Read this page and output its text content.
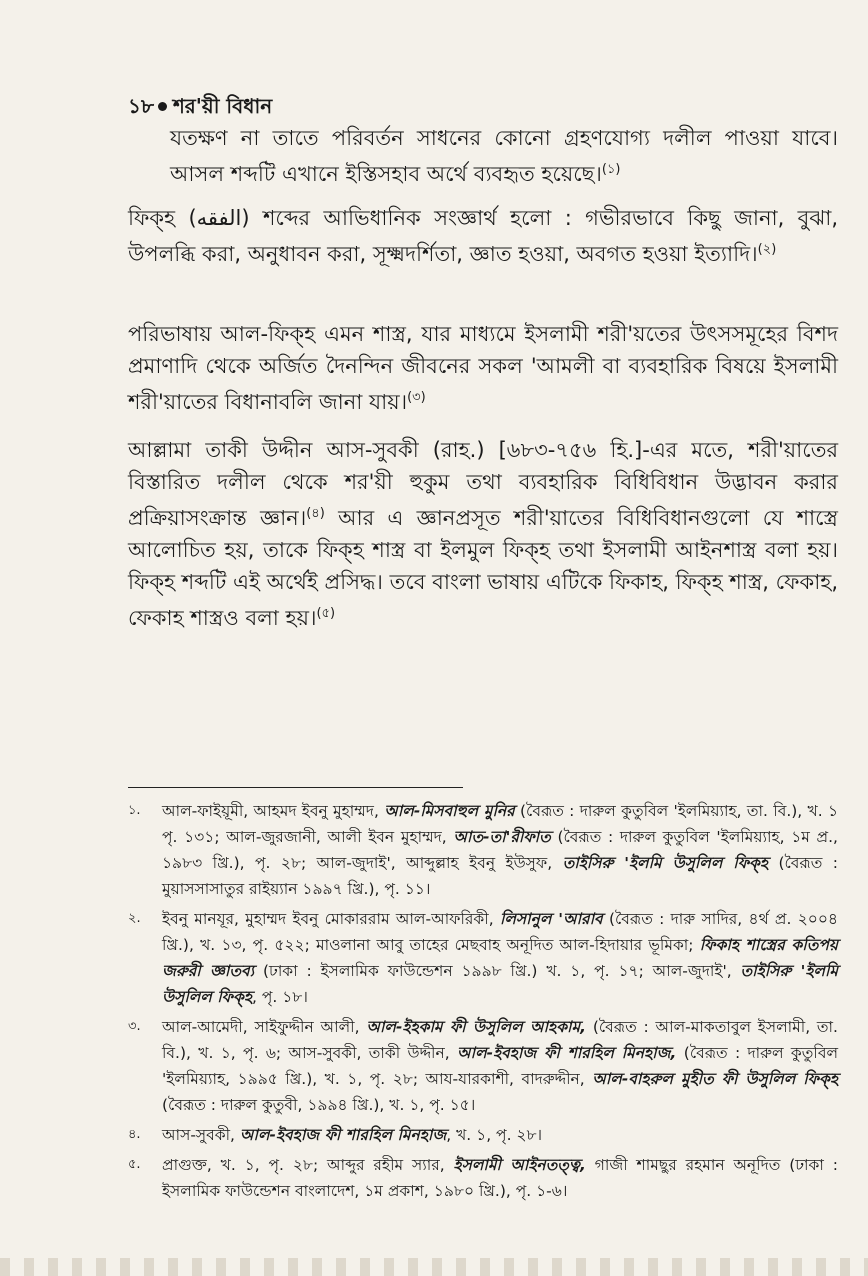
১৮ শর'য়ী বিধান
যতক্ষণ না তাতে পরিবর্তন সাধনের কোনো গ্রহণযোগ্য দলীল পাওয়া যাবে। আসল শব্দটি এখানে ইস্তিসহাব অর্থে ব্যবহৃত হয়েছে।$^{(১)}$
ফিক্হ (الفقه) শব্দের আভিধানিক সংজ্ঞার্থ হলো : গভীরভাবে কিছু জানা, বুঝা, উপলব্ধি করা, অনুধাবন করা, সূক্ষ্মদর্শিতা, জ্ঞাত হওয়া, অবগত হওয়া ইত্যাদি।$^{(২)}$
পরিভাষায় আল-ফিক্হ এমন শাস্ত্র, যার মাধ্যমে ইসলামী শরী'য়তের উৎসসমূহের বিশদ প্রমাণাদি থেকে অর্জিত দৈনন্দিন জীবনের সকল 'আমলী বা ব্যবহারিক বিষয়ে ইসলামী শরী'য়াতের বিধানাবলি জানা যায়।$^{(৩)}$
আল্লামা তাকী উদ্দীন আস-সুবকী (রাহ.) [৬৮৩-৭৫৬ হি.]-এর মতে, শরী'য়াতের বিস্তারিত দলীল থেকে শর'য়ী হুকুম তথা ব্যবহারিক বিধিবিধান উদ্ভাবন করার প্রক্রিয়াসংক্রান্ত জ্ঞান।$^{(৪)}$ আর এ জ্ঞানপ্রসূত শরী'য়াতের বিধিবিধানগুলো যে শাস্ত্রে আলোচিত হয়, তাকে ফিক্হ শাস্ত্র বা ইলমুল ফিক্হ তথা ইসলামী আইনশাস্ত্র বলা হয়। ফিক্হ শব্দটি এই অর্থেই প্রসিদ্ধ। তবে বাংলা ভাষায় এটিকে ফিকাহ, ফিক্হ শাস্ত্র, ফেকাহ, ফেকাহ শাস্ত্রও বলা হয়।$^{(৫)}$
১. আল-ফাইয়ূমী, আহমদ ইবনু মুহাম্মদ, আল-মিসবাহুল মুনির (বৈরূত : দারুল কুতুবিল 'ইলমিয়্যাহ, তা. বি.), খ. ১ পৃ. ১৩১; আল-জুরজানী, আলী ইবন মুহাম্মদ, আত-তা'রীফাত (বৈরূত : দারুল কুতুবিল 'ইলমিয়্যাহ, ১ম প্র., ১৯৮৩ খ্রি.), পৃ. ২৮; আল-জুদাই', আব্দুল্লাহ ইবনু ইউসুফ, তাইসিরু 'ইলমি উসুলিল ফিক্হ (বৈরূত : মুয়াসসাসাতুর রাইয়্যান ১৯৯৭ খ্রি.), পৃ. ১১।
২. ইবনু মানযূর, মুহাম্মদ ইবনু মোকাররাম আল-আফরিকী, লিসানুল 'আরাব (বৈরূত : দারু সাদির, ৪র্থ প্র. ২০০৪ খ্রি.), খ. ১৩, পৃ. ৫২২; মাওলানা আবু তাহের মেছবাহ অনূদিত আল-হিদায়ার ভূমিকা; ফিকাহ শাস্ত্রের কতিপয় জরুরী জ্ঞাতব্য (ঢাকা : ইসলামিক ফাউন্ডেশন ১৯৯৮ খ্রি.) খ. ১, পৃ. ১৭; আল-জুদাই', তাইসিরু 'ইলমি উসুলিল ফিক্হ, পৃ. ১৮।
৩. আল-আমেদী, সাইফুদ্দীন আলী, আল-ইহকাম ফী উসুলিল আহকাম, (বৈরূত : আল-মাকতাবুল ইসলামী, তা. বি.), খ. ১, পৃ. ৬; আস-সুবকী, তাকী উদ্দীন, আল-ইবহাজ ফী শারহিল মিনহাজ, (বৈরূত : দারুল কুতুবিল 'ইলমিয়্যাহ, ১৯৯৫ খ্রি.), খ. ১, পৃ. ২৮; আয-যারকাশী, বাদরুদ্দীন, আল-বাহরুল মুহীত ফী উসুলিল ফিক্হ (বৈরূত : দারুল কুতুবী, ১৯৯৪ খ্রি.), খ. ১, পৃ. ১৫।
৪. আস-সুবকী, আল-ইবহাজ ফী শারহিল মিনহাজ, খ. ১, পৃ. ২৮।
৫. প্রাগুক্ত, খ. ১, পৃ. ২৮; আব্দুর রহীম স্যার, ইসলামী আইনতত্ত্ব, গাজী শামছুর রহমান অনূদিত (ঢাকা : ইসলামিক ফাউন্ডেশন বাংলাদেশ, ১ম প্রকাশ, ১৯৮০ খ্রি.), পৃ. ১-৬।
